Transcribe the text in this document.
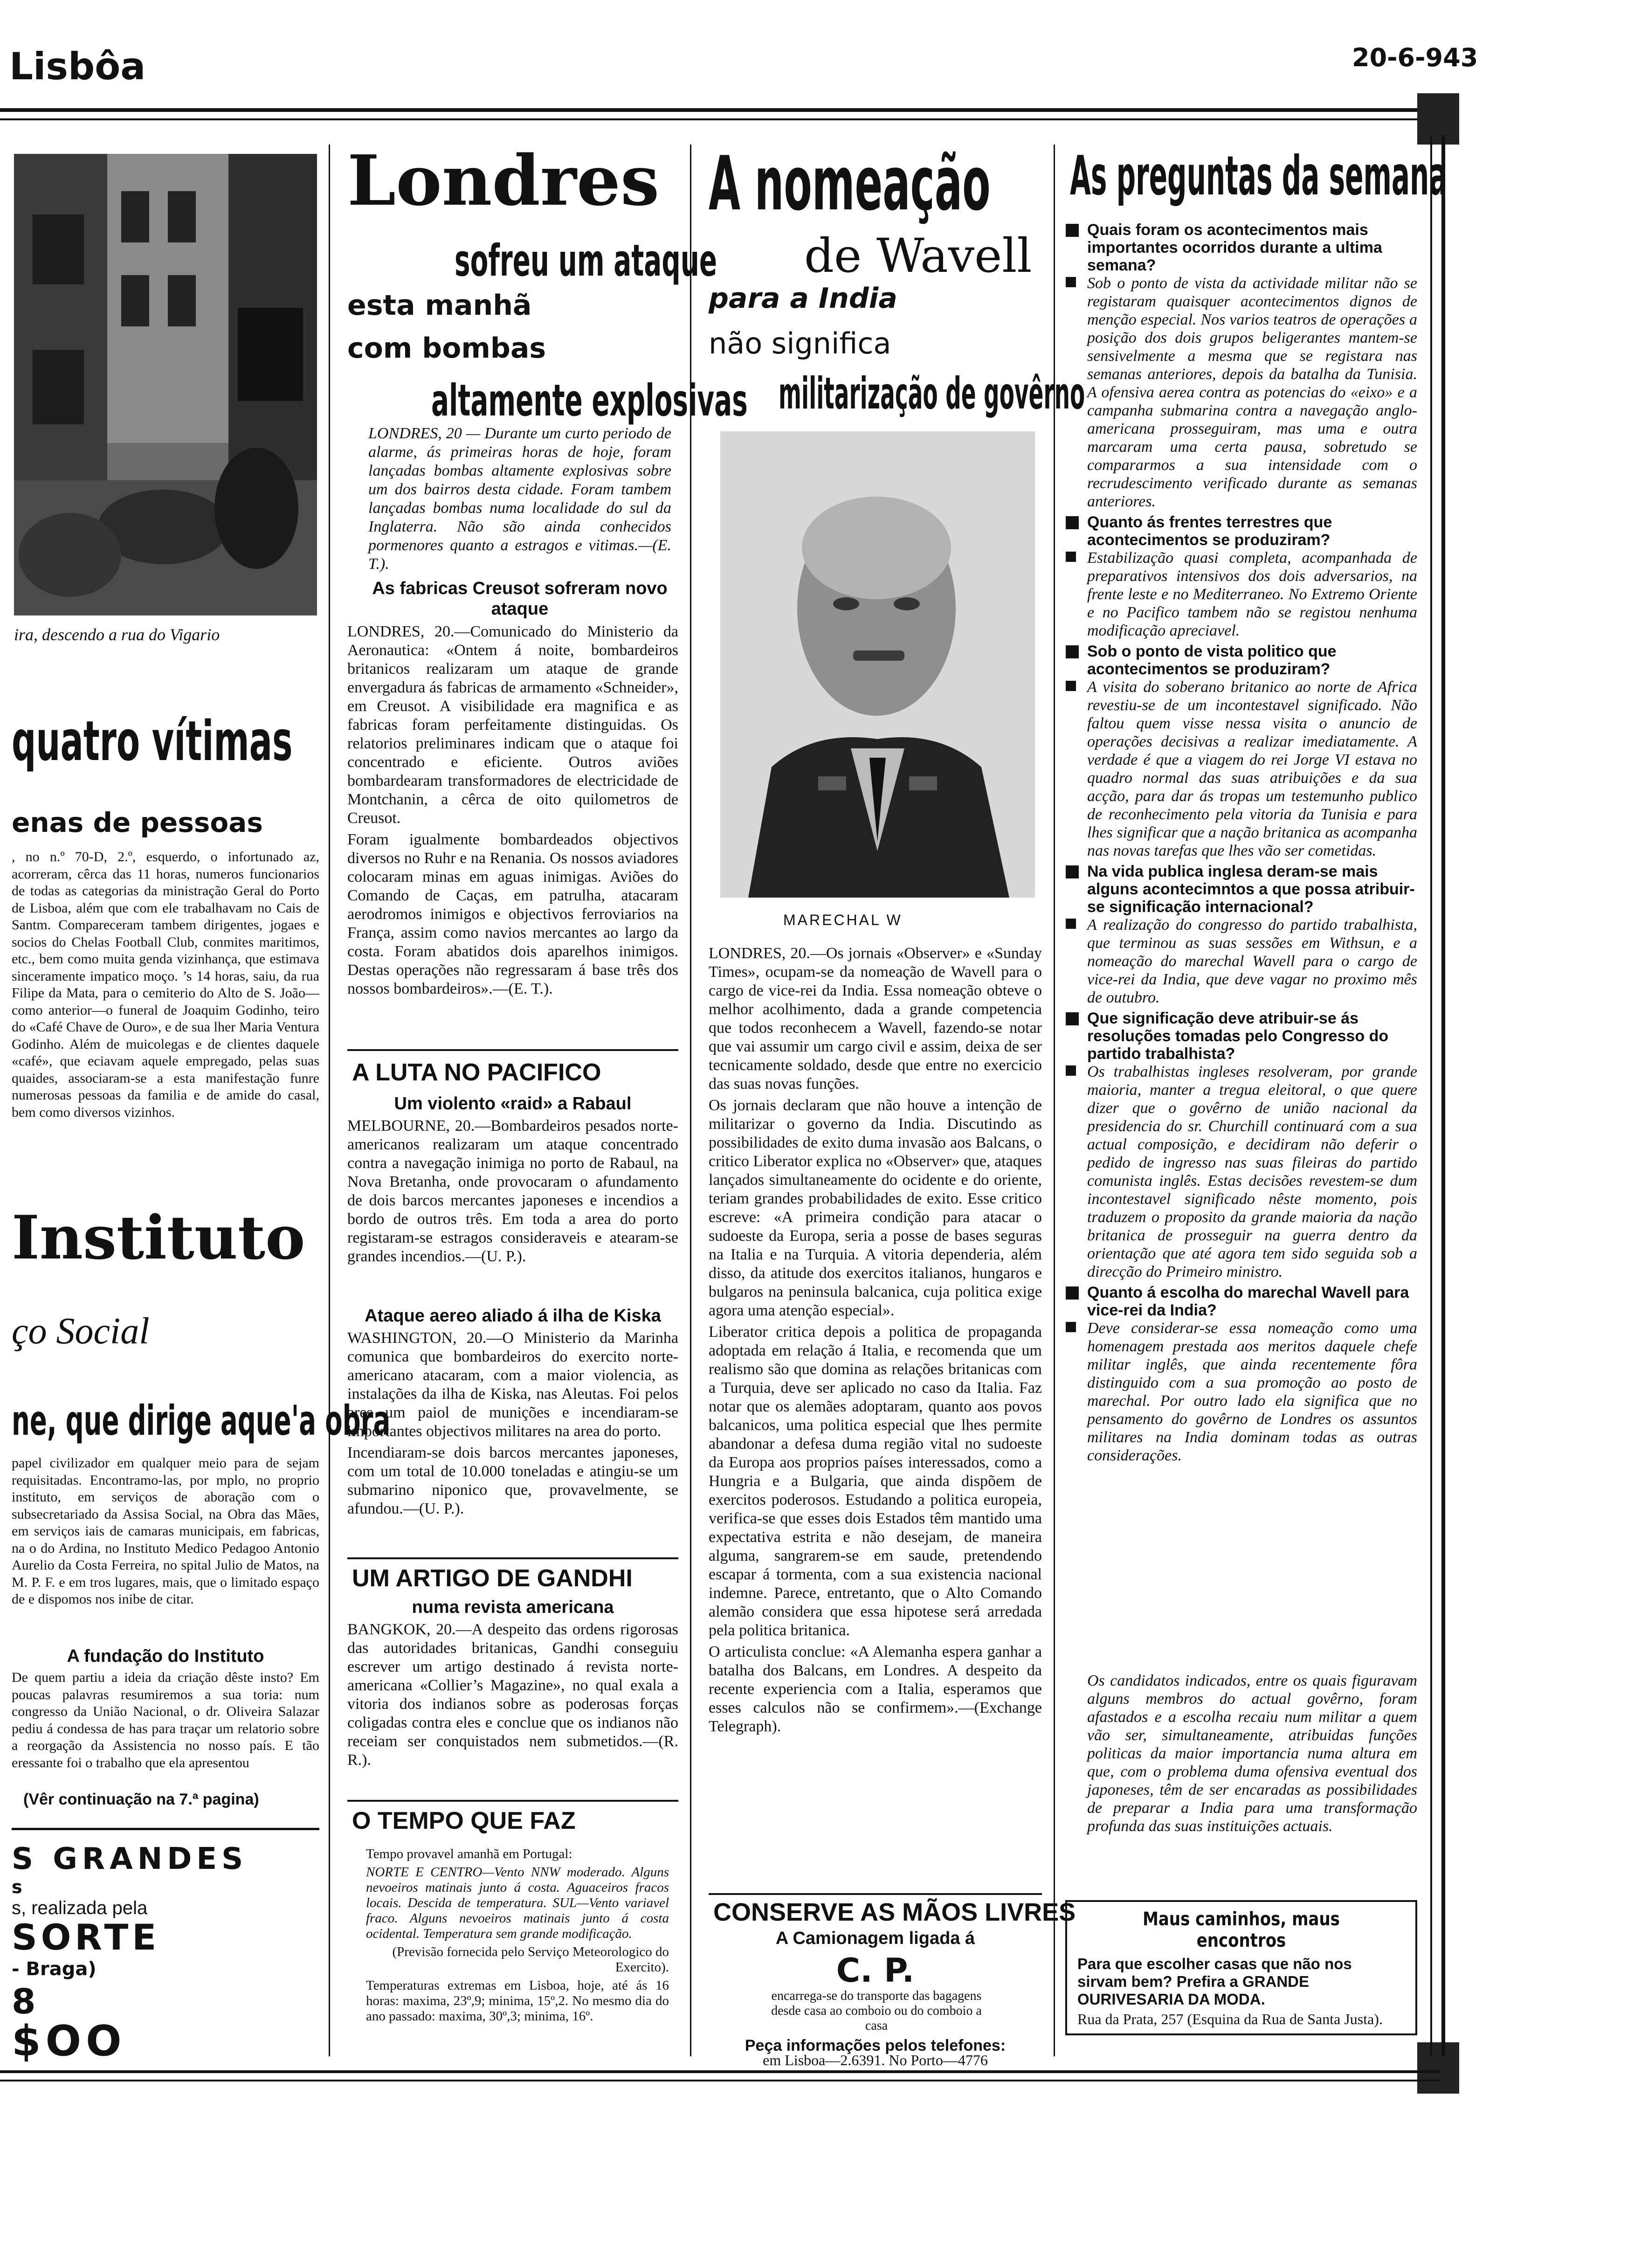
Lisbôa	20-6-943
ira, descendo a rua do Vigario
quatro vítimas
enas de pessoas
, no n.º 70-D, 2.º, esquerdo, o infortunado az, acorreram, cêrca das 11 horas, numeros funcionarios de todas as categorias da ministração Geral do Porto de Lisboa, além que com ele trabalhavam no Cais de Santm. Compareceram tambem dirigentes, jogaes e socios do Chelas Football Club, conmites maritimos, etc., bem como muita genda vizinhança, que estimava sinceramente impatico moço. ’s 14 horas, saiu, da rua Filipe da Mata, para o cemiterio do Alto de S. João—como anterior—o funeral de Joaquim Godinho, teiro do «Café Chave de Ouro», e de sua lher Maria Ventura Godinho. Além de muicolegas e de clientes daquele «café», que eciavam aquele empregado, pelas suas quaides, associaram-se a esta manifestação funre numerosas pessoas da familia e de amide do casal, bem como diversos vizinhos.
Instituto
ço Social
ne, que dirige aque'a obra
papel civilizador em qualquer meio para de sejam requisitadas. Encontramo-las, por mplo, no proprio instituto, em serviços de aboração com o subsecretariado da Assisa Social, na Obra das Mães, em serviços iais de camaras municipais, em fabricas, na o do Ardina, no Instituto Medico Pedagoo Antonio Aurelio da Costa Ferreira, no spital Julio de Matos, na M. P. F. e em tros lugares, mais, que o limitado espaço de e dispomos nos inibe de citar.
A fundação do Instituto
De quem partiu a ideia da criação dêste insto? Em poucas palavras resumiremos a sua toria: num congresso da União Nacional, o dr. Oliveira Salazar pediu á condessa de has para traçar um relatorio sobre a reorgação da Assistencia no nosso país. E tão eressante foi o trabalho que ela apresentou
(Vêr continuação na 7.ª pagina)
S GRANDES
s
s, realizada pela
SORTE
- Braga)
8
$OO
Londres
sofreu um ataque
esta manhã
com bombas
altamente explosivas
LONDRES, 20 — Durante um curto periodo de alarme, ás primeiras horas de hoje, foram lançadas bombas altamente explosivas sobre um dos bairros desta cidade. Foram tambem lançadas bombas numa localidade do sul da Inglaterra. Não são ainda conhecidos pormenores quanto a estragos e vitimas.—(E. T.).
As fabricas Creusot sofreram novo ataque

LONDRES, 20.—Comunicado do Ministerio da Aeronautica: «Ontem á noite, bombardeiros britanicos realizaram um ataque de grande envergadura ás fabricas de armamento «Schneider», em Creusot. A visibilidade era magnifica e as fabricas foram perfeitamente distinguidas. Os relatorios preliminares indicam que o ataque foi concentrado e eficiente. Outros aviões bombardearam transformadores de electricidade de Montchanin, a cêrca de oito quilometros de Creusot.

Foram igualmente bombardeados objectivos diversos no Ruhr e na Renania. Os nossos aviadores colocaram minas em aguas inimigas. Aviões do Comando de Caças, em patrulha, atacaram aerodromos inimigos e objectivos ferroviarios na França, assim como navios mercantes ao largo da costa. Foram abatidos dois aparelhos inimigos. Destas operações não regressaram á base três dos nossos bombardeiros».—(E. T.).

A LUTA NO PACIFICO
Um violento «raid» a Rabaul
MELBOURNE, 20.—Bombardeiros pesados norte-americanos realizaram um ataque concentrado contra a navegação inimiga no porto de Rabaul, na Nova Bretanha, onde provocaram o afundamento de dois barcos mercantes japoneses e incendios a bordo de outros três. Em toda a area do porto registaram-se estragos consideraveis e atearam-se grandes incendios.—(U. P.).
Ataque aereo aliado á ilha de Kiska

WASHINGTON, 20.—O Ministerio da Marinha comunica que bombardeiros do exercito norte-americano atacaram, com a maior violencia, as instalações da ilha de Kiska, nas Aleutas. Foi pelos ares um paiol de munições e incendiaram-se importantes objectivos militares na area do porto.

Incendiaram-se dois barcos mercantes japoneses, com um total de 10.000 toneladas e atingiu-se um submarino niponico que, provavelmente, se afundou.—(U. P.).

UM ARTIGO DE GANDHI
numa revista americana
BANGKOK, 20.—A despeito das ordens rigorosas das autoridades britanicas, Gandhi conseguiu escrever um artigo destinado á revista norte-americana «Collier’s Magazine», no qual exala a vitoria dos indianos sobre as poderosas forças coligadas contra eles e conclue que os indianos não receiam ser conquistados nem submetidos.—(R. R.).
O TEMPO QUE FAZ

Tempo provavel amanhã em Portugal:

NORTE E CENTRO—Vento NNW moderado. Alguns nevoeiros matinais junto á costa. Aguaceiros fracos locais. Descida de temperatura. SUL—Vento variavel fraco. Alguns nevoeiros matinais junto á costa ocidental. Temperatura sem grande modificação.

(Previsão fornecida pelo Serviço Meteorologico do Exercito).

Temperaturas extremas em Lisboa, hoje, até ás 16 horas: maxima, 23º,9; minima, 15º,2. No mesmo dia do ano passado: maxima, 30º,3; minima, 16º.

A nomeação
de Wavell
para a India
não significa
militarização de govêrno
MARECHAL W

LONDRES, 20.—Os jornais «Observer» e «Sunday Times», ocupam-se da nomeação de Wavell para o cargo de vice-rei da India. Essa nomeação obteve o melhor acolhimento, dada a grande competencia que todos reconhecem a Wavell, fazendo-se notar que vai assumir um cargo civil e assim, deixa de ser tecnicamente soldado, desde que entre no exercicio das suas novas funções.

Os jornais declaram que não houve a intenção de militarizar o governo da India. Discutindo as possibilidades de exito duma invasão aos Balcans, o critico Liberator explica no «Observer» que, ataques lançados simultaneamente do ocidente e do oriente, teriam grandes probabilidades de exito. Esse critico escreve: «A primeira condição para atacar o sudoeste da Europa, seria a posse de bases seguras na Italia e na Turquia. A vitoria dependeria, além disso, da atitude dos exercitos italianos, hungaros e bulgaros na peninsula balcanica, cuja politica exige agora uma atenção especial».

Liberator critica depois a politica de propaganda adoptada em relação á Italia, e recomenda que um realismo são que domina as relações britanicas com a Turquia, deve ser aplicado no caso da Italia. Faz notar que os alemães adoptaram, quanto aos povos balcanicos, uma politica especial que lhes permite abandonar a defesa duma região vital no sudoeste da Europa aos proprios países interessados, como a Hungria e a Bulgaria, que ainda dispõem de exercitos poderosos. Estudando a politica europeia, verifica-se que esses dois Estados têm mantido uma expectativa estrita e não desejam, de maneira alguma, sangrarem-se em saude, pretendendo escapar á tormenta, com a sua existencia nacional indemne. Parece, entretanto, que o Alto Comando alemão considera que essa hipotese será arredada pela politica britanica.

O articulista conclue: «A Alemanha espera ganhar a batalha dos Balcans, em Londres. A despeito da recente experiencia com a Italia, esperamos que esses calculos não se confirmem».—(Exchange Telegraph).

CONSERVE AS MÃOS LIVRES
A Camionagem ligada á
C. P.
encarrega-se do transporte das bagagens desde casa ao comboio ou do comboio a casa
Peça informações pelos telefones:
em Lisboa—2.6391. No Porto—4776
As preguntas da semana
Quais foram os acontecimentos mais importantes ocorridos durante a ultima semana?
Sob o ponto de vista da actividade militar não se registaram quaisquer acontecimentos dignos de menção especial. Nos varios teatros de operações a posição dos dois grupos beligerantes mantem-se sensivelmente a mesma que se registara nas semanas anteriores, depois da batalha da Tunisia. A ofensiva aerea contra as potencias do «eixo» e a campanha submarina contra a navegação anglo-americana prosseguiram, mas uma e outra marcaram uma certa pausa, sobretudo se compararmos a sua intensidade com o recrudescimento verificado durante as semanas anteriores.
Quanto ás frentes terrestres que acontecimentos se produziram?
Estabilização quasi completa, acompanhada de preparativos intensivos dos dois adversarios, na frente leste e no Mediterraneo. No Extremo Oriente e no Pacifico tambem não se registou nenhuma modificação apreciavel.
Sob o ponto de vista politico que acontecimentos se produziram?
A visita do soberano britanico ao norte de Africa revestiu-se de um incontestavel significado. Não faltou quem visse nessa visita o anuncio de operações decisivas a realizar imediatamente. A verdade é que a viagem do rei Jorge VI estava no quadro normal das suas atribuições e da sua acção, para dar ás tropas um testemunho publico de reconhecimento pela vitoria da Tunisia e para lhes significar que a nação britanica as acompanha nas novas tarefas que lhes vão ser cometidas.
Na vida publica inglesa deram-se mais alguns acontecimntos a que possa atribuir-se significação internacional?
A realização do congresso do partido trabalhista, que terminou as suas sessões em Withsun, e a nomeação do marechal Wavell para o cargo de vice-rei da India, que deve vagar no proximo mês de outubro.
Que significação deve atribuir-se ás resoluções tomadas pelo Congresso do partido trabalhista?
Os trabalhistas ingleses resolveram, por grande maioria, manter a tregua eleitoral, o que quere dizer que o govêrno de união nacional da presidencia do sr. Churchill continuará com a sua actual composição, e decidiram não deferir o pedido de ingresso nas suas fileiras do partido comunista inglês. Estas decisões revestem-se dum incontestavel significado nêste momento, pois traduzem o proposito da grande maioria da nação britanica de prosseguir na guerra dentro da orientação que até agora tem sido seguida sob a direcção do Primeiro ministro.
Quanto á escolha do marechal Wavell para vice-rei da India?
Deve considerar-se essa nomeação como uma homenagem prestada aos meritos daquele chefe militar inglês, que ainda recentemente fôra distinguido com a sua promoção ao posto de marechal. Por outro lado ela significa que no pensamento do govêrno de Londres os assuntos militares na India dominam todas as outras considerações.
Os candidatos indicados, entre os quais figuravam alguns membros do actual govêrno, foram afastados e a escolha recaiu num militar a quem vão ser, simultaneamente, atribuidas funções politicas da maior importancia numa altura em que, com o problema duma ofensiva eventual dos japoneses, têm de ser encaradas as possibilidades de preparar a India para uma transformação profunda das suas instituições actuais.
Maus caminhos, maus encontros
Para que escolher casas que não nos sirvam bem? Prefira a GRANDE OURIVESARIA DA MODA.
Rua da Prata, 257 (Esquina da Rua de Santa Justa).
